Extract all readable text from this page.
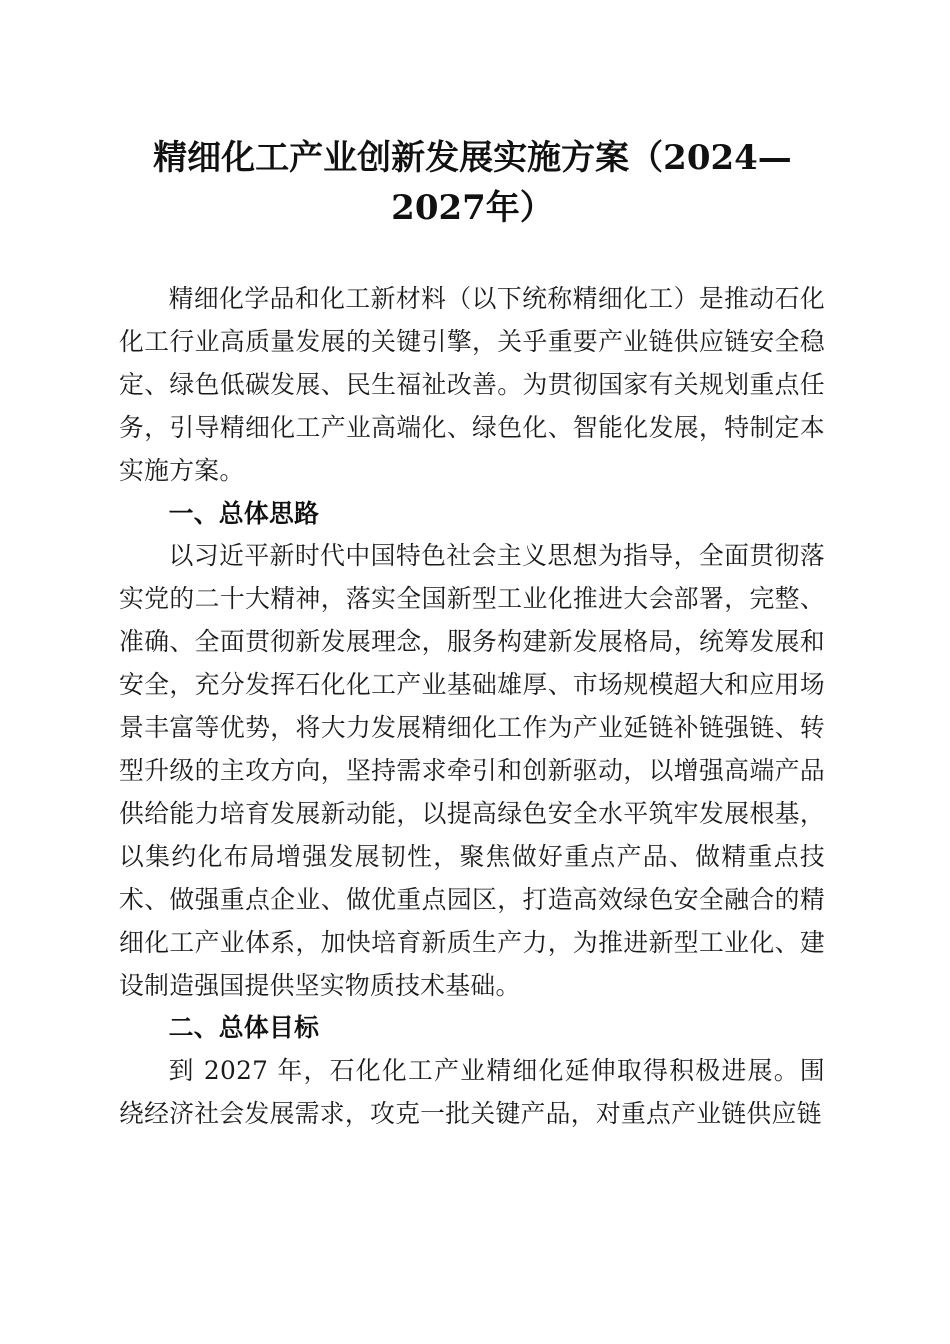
精细化工产业创新发展实施方案（2024—2027年）

精细化学品和化工新材料（以下统称精细化工）是推动石化化工行业高质量发展的关键引擎，关乎重要产业链供应链安全稳定、绿色低碳发展、民生福祉改善。为贯彻国家有关规划重点任务，引导精细化工产业高端化、绿色化、智能化发展，特制定本实施方案。

一、总体思路

以习近平新时代中国特色社会主义思想为指导，全面贯彻落实党的二十大精神，落实全国新型工业化推进大会部署，完整、准确、全面贯彻新发展理念，服务构建新发展格局，统筹发展和安全，充分发挥石化化工产业基础雄厚、市场规模超大和应用场景丰富等优势，将大力发展精细化工作为产业延链补链强链、转型升级的主攻方向，坚持需求牵引和创新驱动，以增强高端产品供给能力培育发展新动能，以提高绿色安全水平筑牢发展根基，以集约化布局增强发展韧性，聚焦做好重点产品、做精重点技术、做强重点企业、做优重点园区，打造高效绿色安全融合的精细化工产业体系，加快培育新质生产力，为推进新型工业化、建设制造强国提供坚实物质技术基础。

二、总体目标

到 2027 年，石化化工产业精细化延伸取得积极进展。围绕经济社会发展需求，攻克一批关键产品，对重点产业链供应链
